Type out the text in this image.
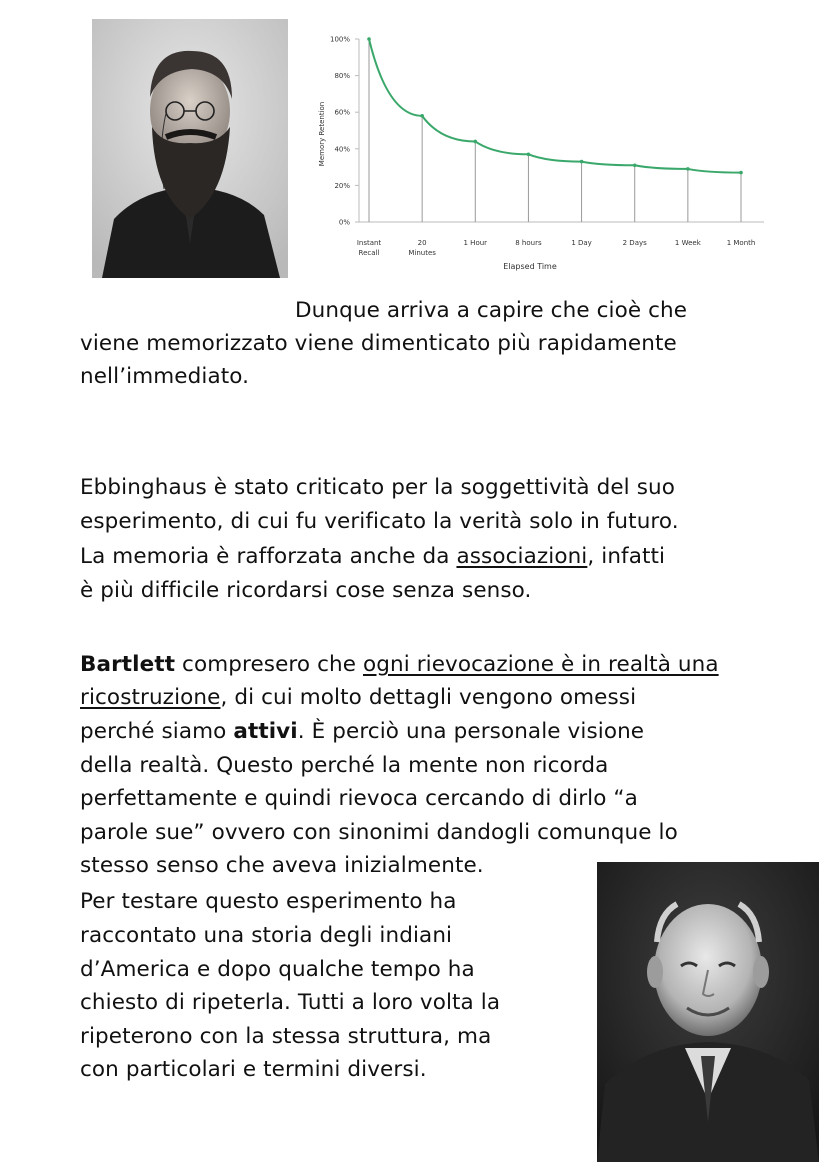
0%
20%
40%
60%
80%
100%
Instant
Recall
20
Minutes
1 Hour	8 hours	1 Day	2 Days	1 Week	1 Month
Memory Retention
Elapsed Time
Dunque arriva a capire che cioè che
viene memorizzato viene dimenticato più rapidamente
nell’immediato.
Ebbinghaus è stato criticato per la soggettività del suo
esperimento, di cui fu verificato la verità solo in futuro.
La memoria è rafforzata anche da associazioni, infatti
è più difficile ricordarsi cose senza senso.
Bartlett compresero che ogni rievocazione è in realtà una
ricostruzione, di cui molto dettagli vengono omessi
perché siamo attivi. È perciò una personale visione
della realtà. Questo perché la mente non ricorda
perfettamente e quindi rievoca cercando di dirlo “a
parole sue” ovvero con sinonimi dandogli comunque lo
stesso senso che aveva inizialmente.
Per testare questo esperimento ha
raccontato una storia degli indiani
d’America e dopo qualche tempo ha
chiesto di ripeterla. Tutti a loro volta la
ripeterono con la stessa struttura, ma
con particolari e termini diversi.
